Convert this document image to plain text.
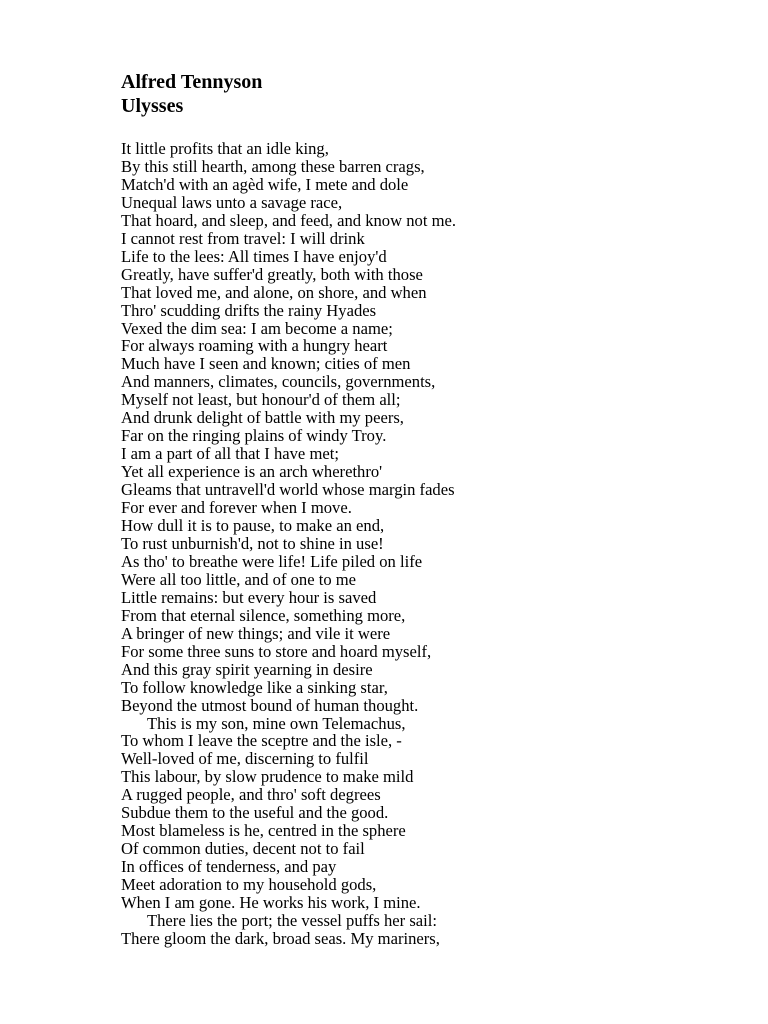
Alfred Tennyson
Ulysses
It little profits that an idle king,
By this still hearth, among these barren crags,
Match'd with an agèd wife, I mete and dole
Unequal laws unto a savage race,
That hoard, and sleep, and feed, and know not me.
I cannot rest from travel: I will drink
Life to the lees: All times I have enjoy'd
Greatly, have suffer'd greatly, both with those
That loved me, and alone, on shore, and when
Thro' scudding drifts the rainy Hyades
Vexed the dim sea: I am become a name;
For always roaming with a hungry heart
Much have I seen and known; cities of men
And manners, climates, councils, governments,
Myself not least, but honour'd of them all;
And drunk delight of battle with my peers,
Far on the ringing plains of windy Troy.
I am a part of all that I have met;
Yet all experience is an arch wherethro'
Gleams that untravell'd world whose margin fades
For ever and forever when I move.
How dull it is to pause, to make an end,
To rust unburnish'd, not to shine in use!
As tho' to breathe were life! Life piled on life
Were all too little, and of one to me
Little remains: but every hour is saved
From that eternal silence, something more,
A bringer of new things; and vile it were
For some three suns to store and hoard myself,
And this gray spirit yearning in desire
To follow knowledge like a sinking star,
Beyond the utmost bound of human thought.
This is my son, mine own Telemachus,
To whom I leave the sceptre and the isle, -
Well-loved of me, discerning to fulfil
This labour, by slow prudence to make mild
A rugged people, and thro' soft degrees
Subdue them to the useful and the good.
Most blameless is he, centred in the sphere
Of common duties, decent not to fail
In offices of tenderness, and pay
Meet adoration to my household gods,
When I am gone. He works his work, I mine.
There lies the port; the vessel puffs her sail:
There gloom the dark, broad seas. My mariners,
